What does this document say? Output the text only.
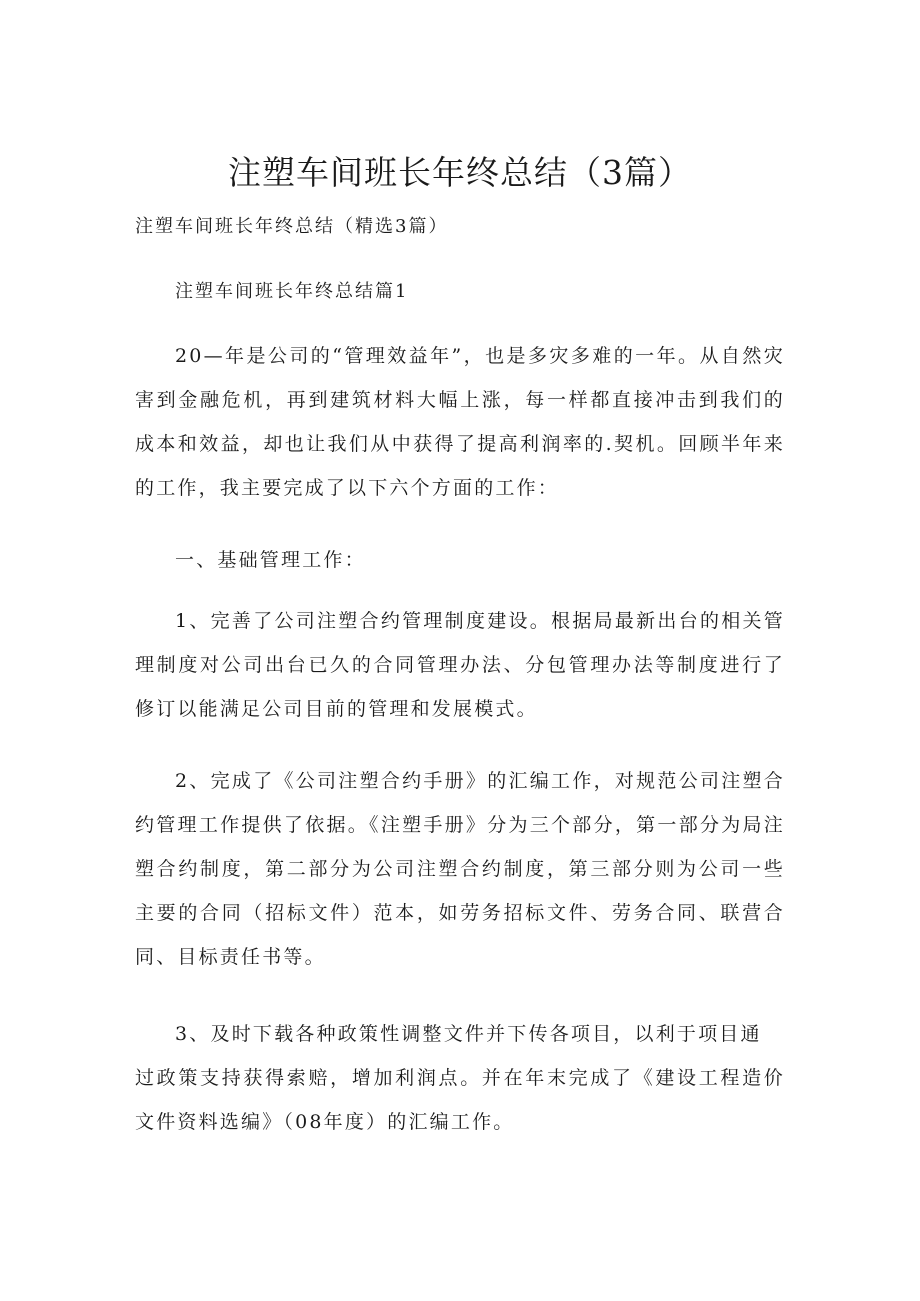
注塑车间班长年终总结（3篇）

注塑车间班长年终总结（精选3篇）

注塑车间班长年终总结篇1

20—年是公司的“管理效益年”，也是多灾多难的一年。从自然灾害到金融危机，再到建筑材料大幅上涨，每一样都直接冲击到我们的成本和效益，却也让我们从中获得了提高利润率的.契机。回顾半年来的工作，我主要完成了以下六个方面的工作：

一、基础管理工作：

1、完善了公司注塑合约管理制度建设。根据局最新出台的相关管理制度对公司出台已久的合同管理办法、分包管理办法等制度进行了修订以能满足公司目前的管理和发展模式。

2、完成了《公司注塑合约手册》的汇编工作，对规范公司注塑合约管理工作提供了依据。《注塑手册》分为三个部分，第一部分为局注塑合约制度，第二部分为公司注塑合约制度，第三部分则为公司一些主要的合同（招标文件）范本，如劳务招标文件、劳务合同、联营合同、目标责任书等。

3、及时下载各种政策性调整文件并下传各项目，以利于项目通
过政策支持获得索赔，增加利润点。并在年末完成了《建设工程造价文件资料选编》（08年度）的汇编工作。
